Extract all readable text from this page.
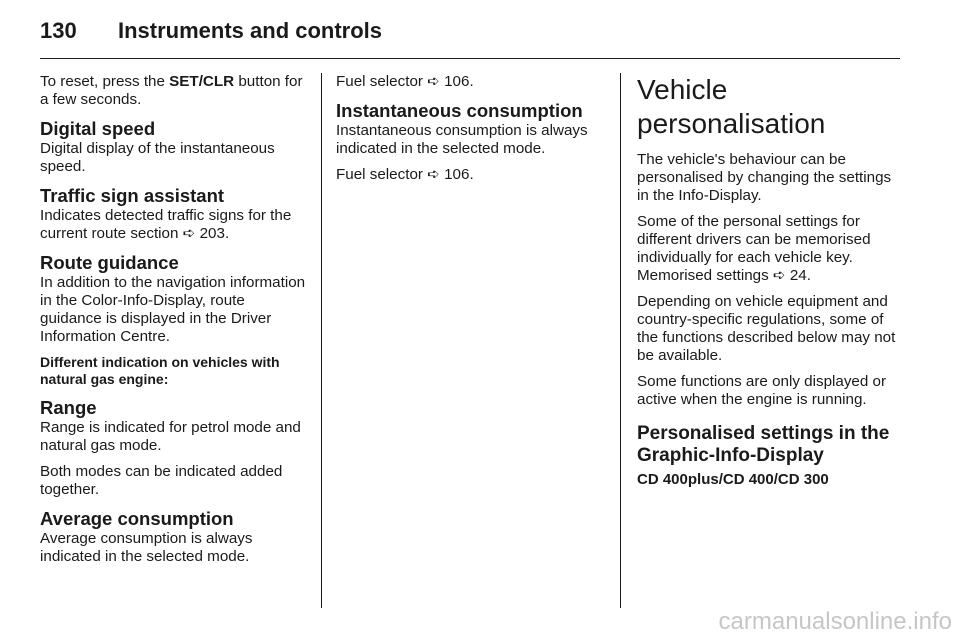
130 Instruments and controls

To reset, press the SET/CLR button for a few seconds.

Digital speed

Digital display of the instantaneous speed.

Traffic sign assistant

Indicates detected traffic signs for the current route section ➪ 203.

Route guidance

In addition to the navigation information in the Color-Info-Display, route guidance is displayed in the Driver Information Centre.

Different indication on vehicles with natural gas engine:
Range

Range is indicated for petrol mode and natural gas mode.

Both modes can be indicated added together.

Average consumption

Average consumption is always indicated in the selected mode.

Fuel selector ➪ 106.

Instantaneous consumption

Instantaneous consumption is always indicated in the selected mode.

Fuel selector ➪ 106.

Vehicle personalisation

The vehicle's behaviour can be personalised by changing the settings in the Info-Display.

Some of the personal settings for different drivers can be memorised individually for each vehicle key. Memorised settings ➪ 24.

Depending on vehicle equipment and country-specific regulations, some of the functions described below may not be available.

Some functions are only displayed or active when the engine is running.

Personalised settings in the Graphic-Info-Display
CD 400plus/CD 400/CD 300
carmanualsonline.info
